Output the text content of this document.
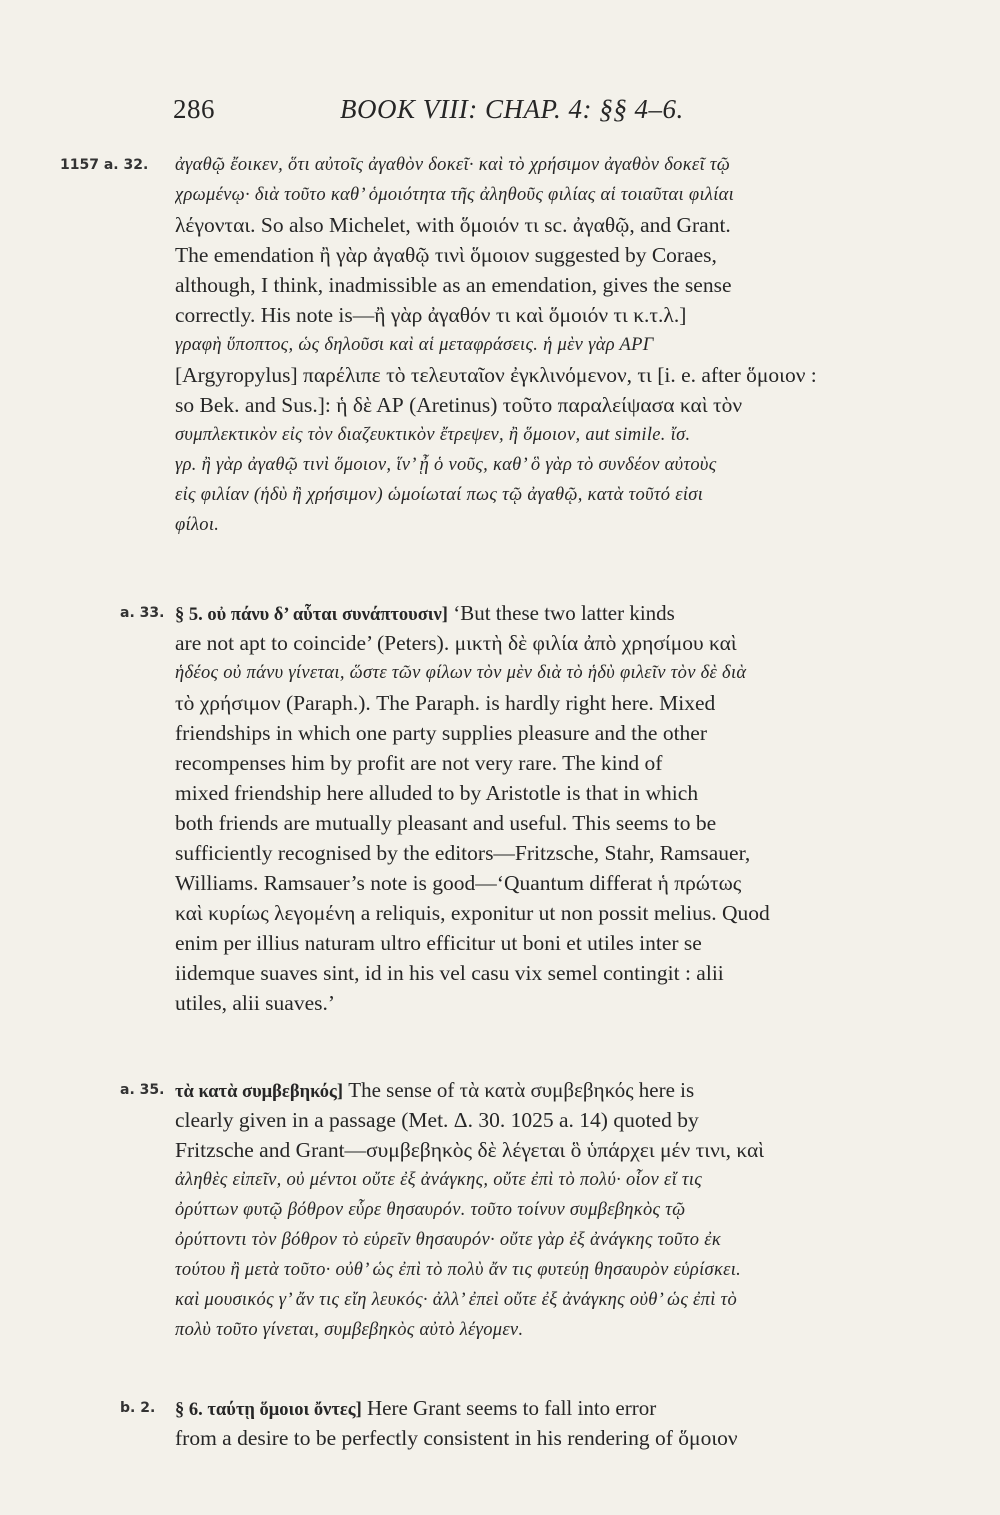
286	BOOK VIII: CHAP. 4: §§ 4–6.
1157 a. 32. ἀγαθῷ ἔοικεν, ὅτι αὐτοῖς ἀγαθὸν δοκεῖ· καὶ τὸ χρήσιμον ἀγαθὸν δοκεῖ τῷ
χρωμένῳ· διὰ τοῦτο καθ’ ὁμοιότητα τῆς ἀληθοῦς φιλίας αἱ τοιαῦται φιλίαι
λέγονται. So also Michelet, with ὅμοιόν τι sc. ἀγαθῷ, and Grant.
The emendation ἢ γὰρ ἀγαθῷ τινὶ ὅμοιον suggested by Coraes,
although, I think, inadmissible as an emendation, gives the sense
correctly. His note is—ἢ γὰρ ἀγαθόν τι καὶ ὅμοιόν τι κ.τ.λ.]
γραφὴ ὕποπτος, ὡς δηλοῦσι καὶ αἱ μεταφράσεις. ἡ μὲν γὰρ ΑΡΓ
[Argyropylus] παρέλιπε τὸ τελευταῖον ἐγκλινόμενον, τι [i. e. after ὅμοιον :
so Bek. and Sus.]: ἡ δὲ ΑΡ (Aretinus) τοῦτο παραλείψασα καὶ τὸν
συμπλεκτικὸν εἰς τὸν διαζευκτικὸν ἔτρεψεν, ἢ ὅμοιον, aut simile. ἴσ.
γρ. ἢ γὰρ ἀγαθῷ τινὶ ὅμοιον, ἵν’ ᾖ ὁ νοῦς, καθ’ ὃ γὰρ τὸ συνδέον αὐτοὺς
εἰς φιλίαν (ἡδὺ ἢ χρήσιμον) ὡμοίωταί πως τῷ ἀγαθῷ, κατὰ τοῦτό εἰσι
φίλοι.
a. 33. § 5. οὐ πάνυ δ’ αὗται συνάπτουσιν] ‘But these two latter kinds
are not apt to coincide’ (Peters). μικτὴ δὲ φιλία ἀπὸ χρησίμου καὶ
ἡδέος οὐ πάνυ γίνεται, ὥστε τῶν φίλων τὸν μὲν διὰ τὸ ἡδὺ φιλεῖν τὸν δὲ διὰ
τὸ χρήσιμον (Paraph.). The Paraph. is hardly right here. Mixed
friendships in which one party supplies pleasure and the other
recompenses him by profit are not very rare. The kind of
mixed friendship here alluded to by Aristotle is that in which
both friends are mutually pleasant and useful. This seems to be
sufficiently recognised by the editors—Fritzsche, Stahr, Ramsauer,
Williams. Ramsauer’s note is good—‘Quantum differat ἡ πρώτως
καὶ κυρίως λεγομένη a reliquis, exponitur ut non possit melius. Quod
enim per illius naturam ultro efficitur ut boni et utiles inter se
iidemque suaves sint, id in his vel casu vix semel contingit : alii
utiles, alii suaves.’
a. 35. τὰ κατὰ συμβεβηκός] The sense of τὰ κατὰ συμβεβηκός here is
clearly given in a passage (Met. Δ. 30. 1025 a. 14) quoted by
Fritzsche and Grant—συμβεβηκὸς δὲ λέγεται ὃ ὑπάρχει μέν τινι, καὶ
ἀληθὲς εἰπεῖν, οὐ μέντοι οὔτε ἐξ ἀνάγκης, οὔτε ἐπὶ τὸ πολύ· οἷον εἴ τις
ὀρύττων φυτῷ βόθρον εὗρε θησαυρόν. τοῦτο τοίνυν συμβεβηκὸς τῷ
ὀρύττοντι τὸν βόθρον τὸ εὑρεῖν θησαυρόν· οὔτε γὰρ ἐξ ἀνάγκης τοῦτο ἐκ
τούτου ἢ μετὰ τοῦτο· οὐθ’ ὡς ἐπὶ τὸ πολὺ ἄν τις φυτεύῃ θησαυρὸν εὑρίσκει.
καὶ μουσικός γ’ ἄν τις εἴη λευκός· ἀλλ’ ἐπεὶ οὔτε ἐξ ἀνάγκης οὐθ’ ὡς ἐπὶ τὸ
πολὺ τοῦτο γίνεται, συμβεβηκὸς αὐτὸ λέγομεν.
b. 2. § 6. ταύτῃ ὅμοιοι ὄντες] Here Grant seems to fall into error
from a desire to be perfectly consistent in his rendering of ὅμοιον
